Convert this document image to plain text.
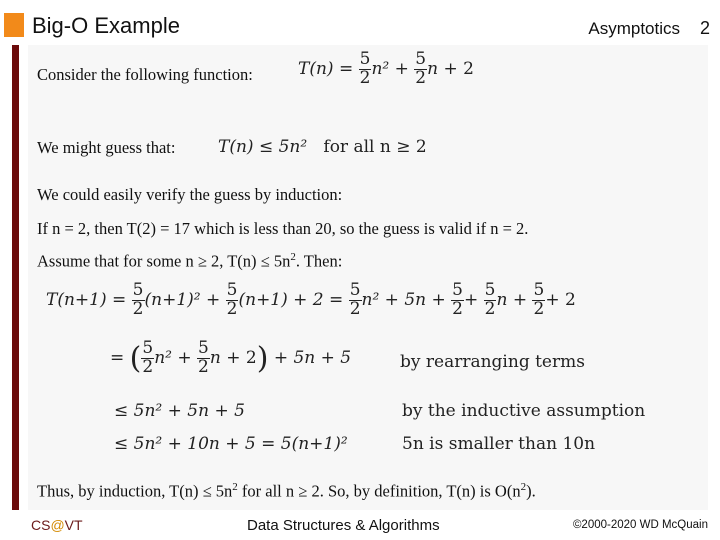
Big-O Example	Asymptotics 2
Consider the following function:	$T(n) = \frac{5}{2} n^2 + \frac{5}{2}$ n + 2
We might guess that:	T(n) ≤ 5n² for all n ≥ 2
We could easily verify the guess by induction:
If n = 2, then T(2) = 17 which is less than 20, so the guess is valid if n = 2.
Assume that for some n ≥ 2, $T(n) \le 5n^2$. Then:
$T(n+1) = \frac{5}{2} (n+1)^2 + \frac{5}{2} (n+1) + 2 = \frac{5}{2} n^2 + 5n + \frac{5}{2} + \frac{5}{2}$ $n + \frac{5}{2} + 2$
= ( $\frac{5}{2} n^2 + \frac{5}{2}$ n + 2) + 5n + 5	by rearranging terms
≤ 5n² + 5n + 5	by the inductive assumption
≤ 5n² + 10n + 5 = 5(n+1)²	5n is smaller than 10n
Thus, by induction, $T(n) \le 5n^2$ for all n ≥ 2. So, by definition, T(n) is $O(n^2)$.
CS@VT	Data Structures & Algorithms	©2000-2020 WD McQuain
